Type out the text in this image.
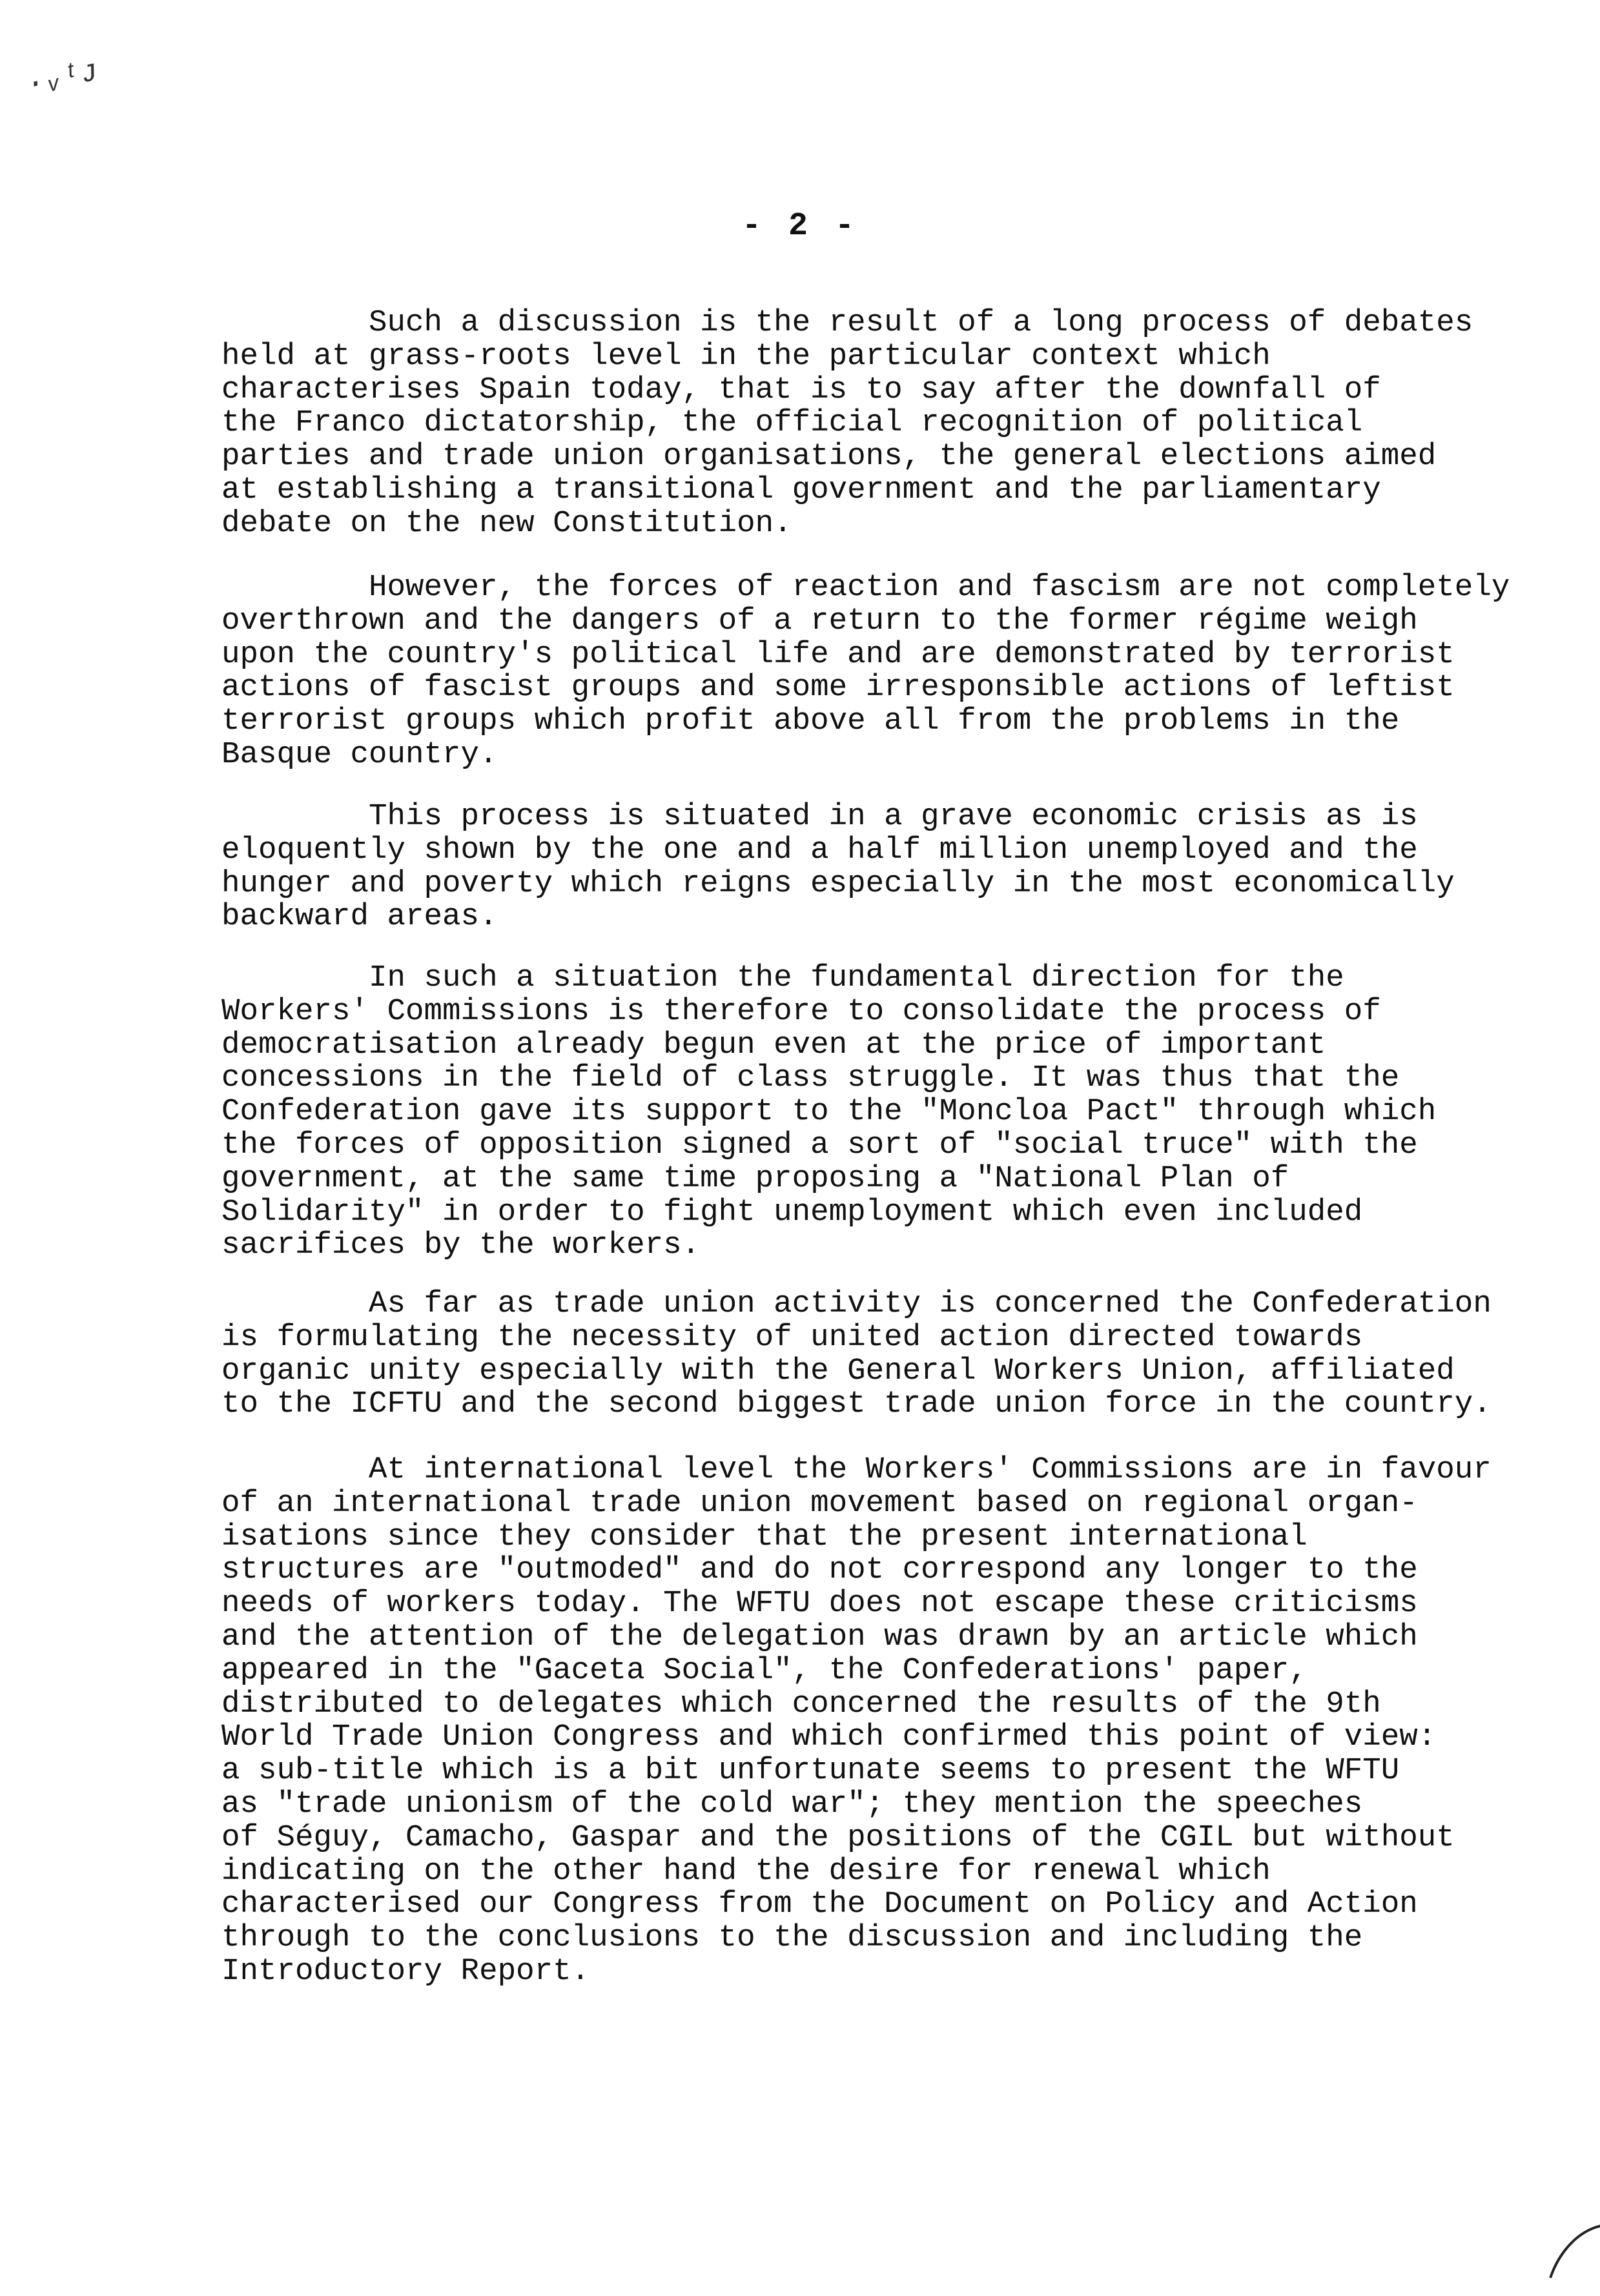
·ᵥᵗᴊ
- 2 -

Such a discussion is the result of a long process of debates
held at grass-roots level in the particular context which
characterises Spain today, that is to say after the downfall of
the Franco dictatorship, the official recognition of political
parties and trade union organisations, the general elections aimed
at establishing a transitional government and the parliamentary
debate on the new Constitution.

However, the forces of reaction and fascism are not completely
overthrown and the dangers of a return to the former régime weigh
upon the country's political life and are demonstrated by terrorist
actions of fascist groups and some irresponsible actions of leftist
terrorist groups which profit above all from the problems in the
Basque country.

This process is situated in a grave economic crisis as is
eloquently shown by the one and a half million unemployed and the
hunger and poverty which reigns especially in the most economically
backward areas.

In such a situation the fundamental direction for the
Workers' Commissions is therefore to consolidate the process of
democratisation already begun even at the price of important
concessions in the field of class struggle. It was thus that the
Confederation gave its support to the "Moncloa Pact" through which
the forces of opposition signed a sort of "social truce" with the
government, at the same time proposing a "National Plan of
Solidarity" in order to fight unemployment which even included
sacrifices by the workers.

As far as trade union activity is concerned the Confederation
is formulating the necessity of united action directed towards
organic unity especially with the General Workers Union, affiliated
to the ICFTU and the second biggest trade union force in the country.

At international level the Workers' Commissions are in favour
of an international trade union movement based on regional organ-
isations since they consider that the present international
structures are "outmoded" and do not correspond any longer to the
needs of workers today. The WFTU does not escape these criticisms
and the attention of the delegation was drawn by an article which
appeared in the "Gaceta Social", the Confederations' paper,
distributed to delegates which concerned the results of the 9th
World Trade Union Congress and which confirmed this point of view:
a sub-title which is a bit unfortunate seems to present the WFTU
as "trade unionism of the cold war"; they mention the speeches
of Séguy, Camacho, Gaspar and the positions of the CGIL but without
indicating on the other hand the desire for renewal which
characterised our Congress from the Document on Policy and Action
through to the conclusions to the discussion and including the
Introductory Report.
